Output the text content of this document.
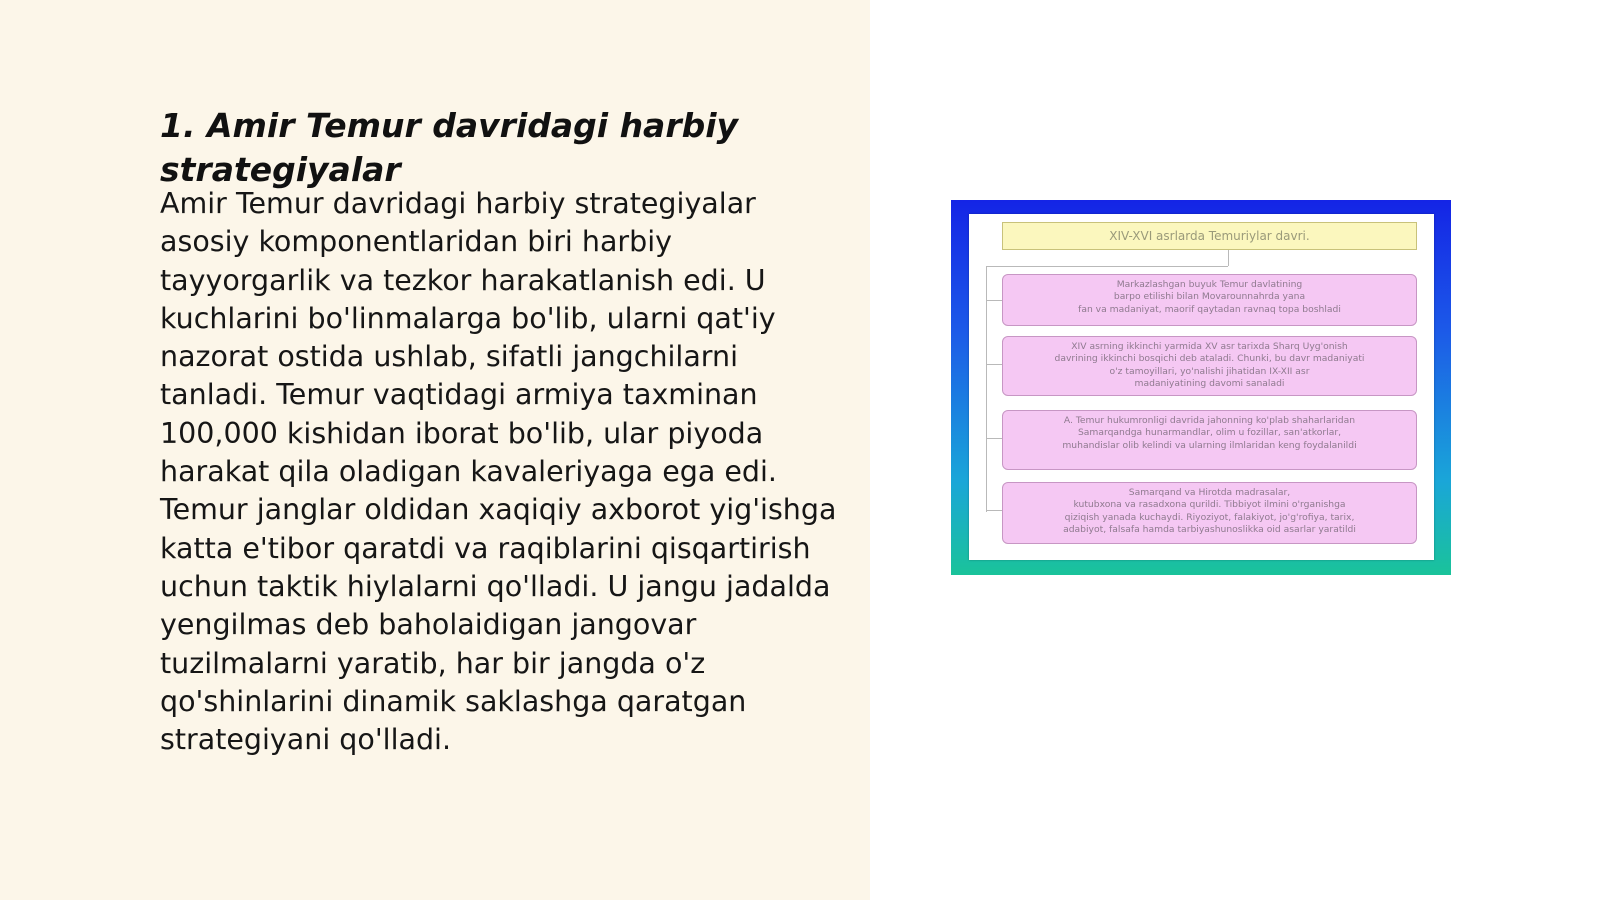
1. Amir Temur davridagi harbiy strategiyalar

Amir Temur davridagi harbiy strategiyalar asosiy komponentlaridan biri harbiy tayyorgarlik va tezkor harakatlanish edi. U kuchlarini bo'linmalarga bo'lib, ularni qat'iy nazorat ostida ushlab, sifatli jangchilarni tanladi. Temur vaqtidagi armiya taxminan 100,000 kishidan iborat bo'lib, ular piyoda harakat qila oladigan kavaleriyaga ega edi. Temur janglar oldidan xaqiqiy axborot yig'ishga katta e'tibor qaratdi va raqiblarini qisqartirish uchun taktik hiylalarni qo'lladi. U jangu jadalda yengilmas deb baholaidigan jangovar tuzilmalarni yaratib, har bir jangda o'z qo'shinlarini dinamik saklashga qaratgan strategiyani qo'lladi.

XIV-XVI asrlarda Temuriylar davri.
Markazlashgan buyuk Temur davlatining
barpo etilishi bilan Movarounnahrda yana
fan va madaniyat, maorif qaytadan ravnaq topa boshladi
XIV asrning ikkinchi yarmida XV asr tarixda Sharq Uyg'onish
davrining ikkinchi bosqichi deb ataladi. Chunki, bu davr madaniyati
o'z tamoyillari, yo'nalishi jihatidan IX-XII asr
madaniyatining davomi sanaladi
A. Temur hukumronligi davrida jahonning ko'plab shaharlaridan
Samarqandga hunarmandlar, olim u fozillar, san'atkorlar,
muhandislar olib kelindi va ularning ilmlaridan keng foydalanildi
Samarqand va Hirotda madrasalar,
kutubxona va rasadxona qurildi. Tibbiyot ilmini o'rganishga
qiziqish yanada kuchaydi. Riyoziyot, falakiyot, jo'g'rofiya, tarix,
adabiyot, falsafa hamda tarbiyashunoslikka oid asarlar yaratildi
